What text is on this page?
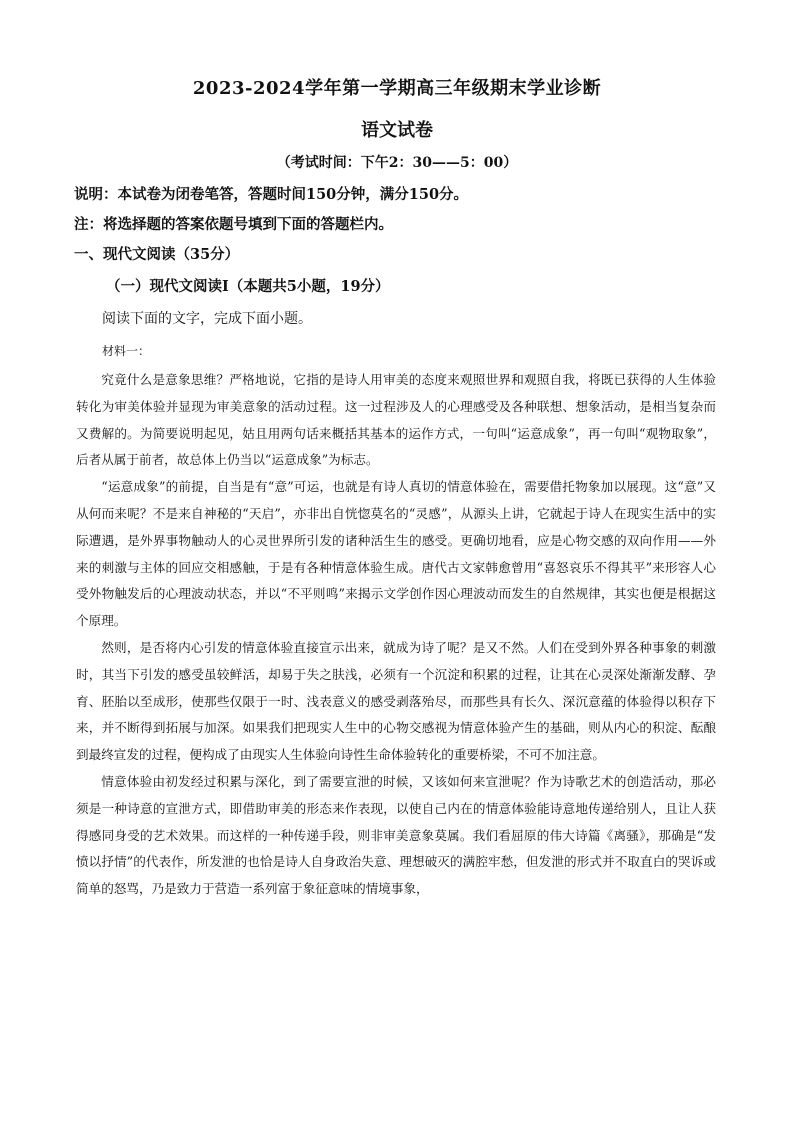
2023-2024学年第一学期高三年级期末学业诊断
语文试卷
（考试时间：下午2：30——5：00）
说明：本试卷为闭卷笔答，答题时间150分钟，满分150分。
注：将选择题的答案依题号填到下面的答题栏内。
一、现代文阅读（35分）
（一）现代文阅读Ⅰ（本题共5小题，19分）
阅读下面的文字，完成下面小题。
材料一：

究竟什么是意象思维？严格地说，它指的是诗人用审美的态度来观照世界和观照自我，将既已获得的人生体验转化为审美体验并显现为审美意象的活动过程。这一过程涉及人的心理感受及各种联想、想象活动，是相当复杂而又费解的。为简要说明起见，姑且用两句话来概括其基本的运作方式，一句叫“运意成象”，再一句叫“观物取象”，后者从属于前者，故总体上仍当以“运意成象”为标志。

“运意成象”的前提，自当是有“意”可运，也就是有诗人真切的情意体验在，需要借托物象加以展现。这“意”又从何而来呢？不是来自神秘的“天启”，亦非出自恍惚莫名的“灵感”，从源头上讲，它就起于诗人在现实生活中的实际遭遇，是外界事物触动人的心灵世界所引发的诸种活生生的感受。更确切地看，应是心物交感的双向作用——外来的刺激与主体的回应交相感触，于是有各种情意体验生成。唐代古文家韩愈曾用“喜怒哀乐不得其平”来形容人心受外物触发后的心理波动状态，并以“不平则鸣”来揭示文学创作因心理波动而发生的自然规律，其实也便是根据这个原理。

然则，是否将内心引发的情意体验直接宣示出来，就成为诗了呢？是又不然。人们在受到外界各种事象的刺激时，其当下引发的感受虽较鲜活，却易于失之肤浅，必须有一个沉淀和积累的过程，让其在心灵深处渐渐发酵、孕育、胚胎以至成形，使那些仅限于一时、浅表意义的感受剥落殆尽，而那些具有长久、深沉意蕴的体验得以积存下来，并不断得到拓展与加深。如果我们把现实人生中的心物交感视为情意体验产生的基础，则从内心的积淀、酝酿到最终宣发的过程，便构成了由现实人生体验向诗性生命体验转化的重要桥梁，不可不加注意。

情意体验由初发经过积累与深化，到了需要宣泄的时候，又该如何来宣泄呢？作为诗歌艺术的创造活动，那必须是一种诗意的宣泄方式，即借助审美的形态来作表现，以使自己内在的情意体验能诗意地传递给别人，且让人获得感同身受的艺术效果。而这样的一种传递手段，则非审美意象莫属。我们看屈原的伟大诗篇《离骚》，那确是“发愤以抒情”的代表作，所发泄的也恰是诗人自身政治失意、理想破灭的满腔牢愁，但发泄的形式并不取直白的哭诉或简单的怒骂，乃是致力于营造一系列富于象征意味的情境事象，
